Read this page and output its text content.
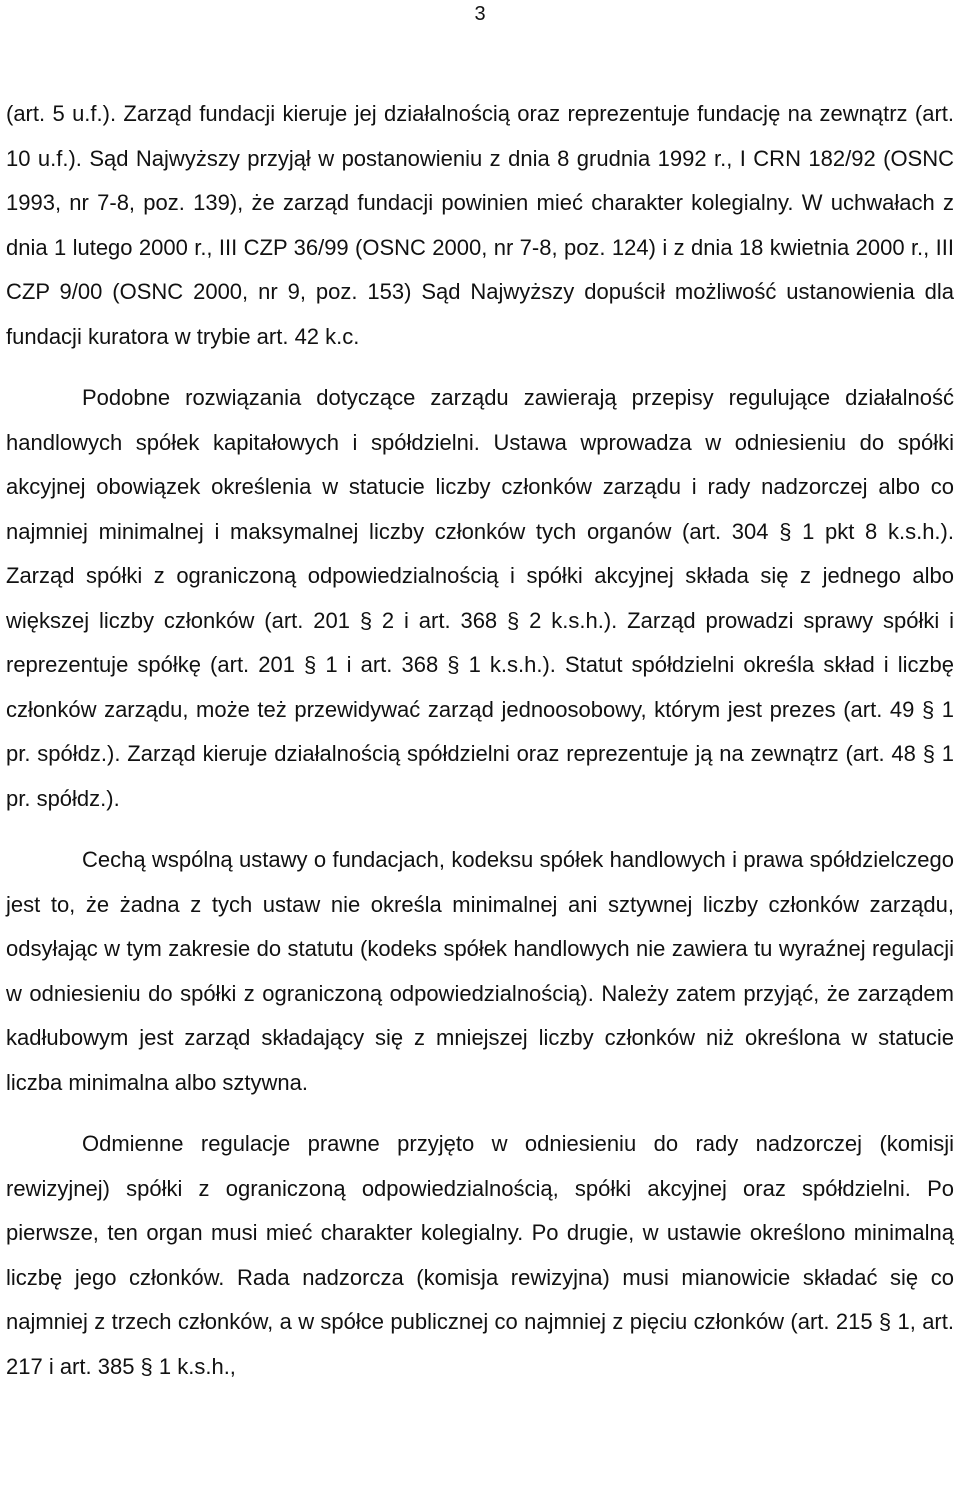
3

(art. 5 u.f.). Zarząd fundacji kieruje jej działalnością oraz reprezentuje fundację na zewnątrz (art. 10 u.f.). Sąd Najwyższy przyjął w postanowieniu z dnia 8 grudnia 1992 r., I CRN 182/92 (OSNC 1993, nr 7-8, poz. 139), że zarząd fundacji powinien mieć charakter kolegialny. W uchwałach z dnia 1 lutego 2000 r., III CZP 36/99 (OSNC 2000, nr 7-8, poz. 124) i z dnia 18 kwietnia 2000 r., III CZP 9/00 (OSNC 2000, nr 9, poz. 153) Sąd Najwyższy dopuścił możliwość ustanowienia dla fundacji kuratora w trybie art. 42 k.c.

Podobne rozwiązania dotyczące zarządu zawierają przepisy regulujące działalność handlowych spółek kapitałowych i spółdzielni. Ustawa wprowadza w odniesieniu do spółki akcyjnej obowiązek określenia w statucie liczby członków zarządu i rady nadzorczej albo co najmniej minimalnej i maksymalnej liczby członków tych organów (art. 304 § 1 pkt 8 k.s.h.). Zarząd spółki z ograniczoną odpowiedzialnością i spółki akcyjnej składa się z jednego albo większej liczby członków (art. 201 § 2 i art. 368 § 2 k.s.h.). Zarząd prowadzi sprawy spółki i reprezentuje spółkę (art. 201 § 1 i art. 368 § 1 k.s.h.). Statut spółdzielni określa skład i liczbę członków zarządu, może też przewidywać zarząd jednoosobowy, którym jest prezes (art. 49 § 1 pr. spółdz.). Zarząd kieruje działalnością spółdzielni oraz reprezentuje ją na zewnątrz (art. 48 § 1 pr. spółdz.).

Cechą wspólną ustawy o fundacjach, kodeksu spółek handlowych i prawa spółdzielczego jest to, że żadna z tych ustaw nie określa minimalnej ani sztywnej liczby członków zarządu, odsyłając w tym zakresie do statutu (kodeks spółek handlowych nie zawiera tu wyraźnej regulacji w odniesieniu do spółki z ograniczoną odpowiedzialnością). Należy zatem przyjąć, że zarządem kadłubowym jest zarząd składający się z mniejszej liczby członków niż określona w statucie liczba minimalna albo sztywna.

Odmienne regulacje prawne przyjęto w odniesieniu do rady nadzorczej (komisji rewizyjnej) spółki z ograniczoną odpowiedzialnością, spółki akcyjnej oraz spółdzielni. Po pierwsze, ten organ musi mieć charakter kolegialny. Po drugie, w ustawie określono minimalną liczbę jego członków. Rada nadzorcza (komisja rewizyjna) musi mianowicie składać się co najmniej z trzech członków, a w spółce publicznej co najmniej z pięciu członków (art. 215 § 1, art. 217 i art. 385 § 1 k.s.h.,
